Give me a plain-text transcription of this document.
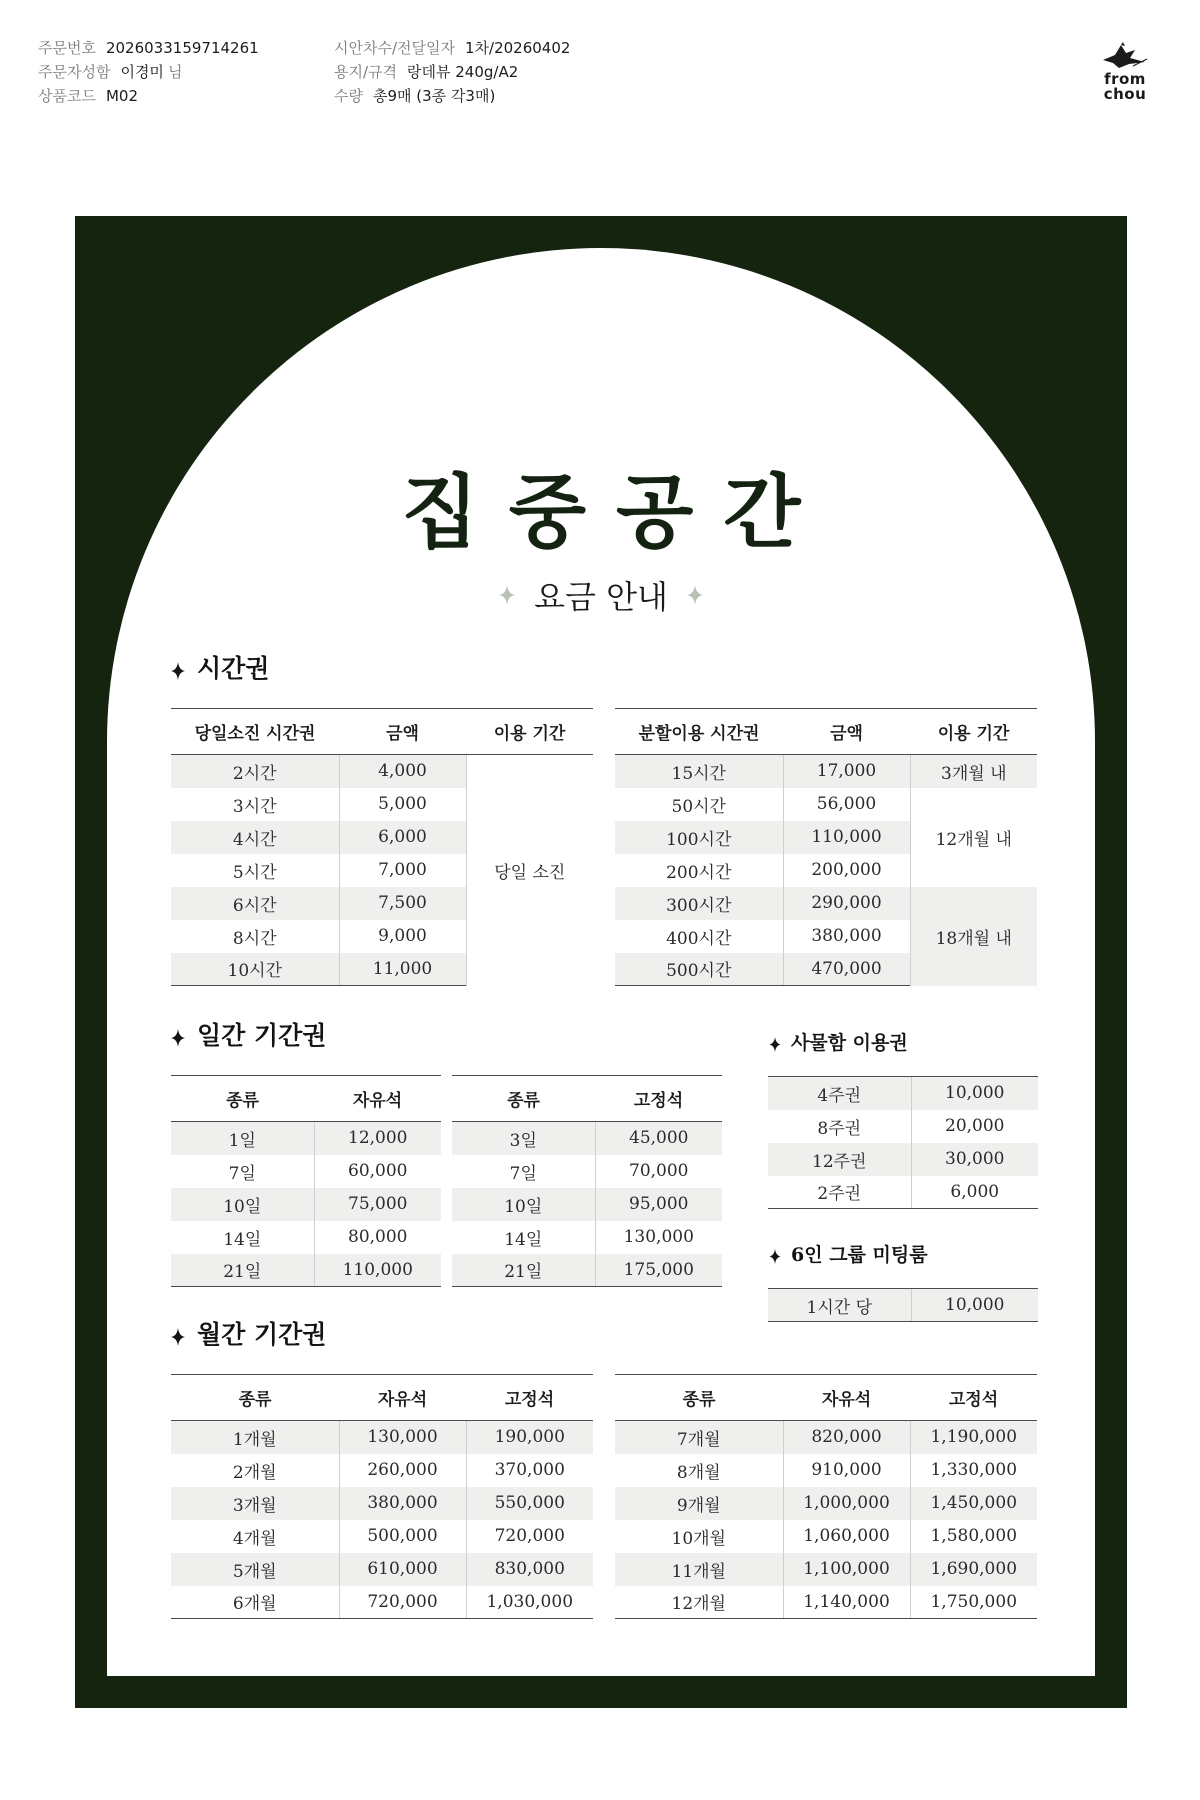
주문번호 2026033159714261
주문자성함 이경미 님
상품코드 M02
시안차수/전달일자 1차/20260402
용지/규격 랑데뷰 240g/A2
수량 총9매 (3종 각3매)
from
chou
집중공간
요금 안내
시간권
당일소진 시간권	금액	이용 기간
2시간	4,000	당일 소진
3시간	5,000	
4시간	6,000	
5시간	7,000	
6시간	7,500	
8시간	9,000	
10시간	11,000	
분할이용 시간권	금액	이용 기간
15시간	17,000	3개월 내
50시간	56,000	12개월 내
100시간	110,000	
200시간	200,000	
300시간	290,000	18개월 내
400시간	380,000	
500시간	470,000	
일간 기간권
종류	자유석
1일	12,000
7일	60,000
10일	75,000
14일	80,000
21일	110,000
종류	고정석
3일	45,000
7일	70,000
10일	95,000
14일	130,000
21일	175,000
사물함 이용권
4주권	10,000
8주권	20,000
12주권	30,000
2주권	6,000
6인 그룹 미팅룸
1시간 당	10,000
월간 기간권
종류	자유석	고정석
1개월	130,000	190,000
2개월	260,000	370,000
3개월	380,000	550,000
4개월	500,000	720,000
5개월	610,000	830,000
6개월	720,000	1,030,000
종류	자유석	고정석
7개월	820,000	1,190,000
8개월	910,000	1,330,000
9개월	1,000,000	1,450,000
10개월	1,060,000	1,580,000
11개월	1,100,000	1,690,000
12개월	1,140,000	1,750,000
